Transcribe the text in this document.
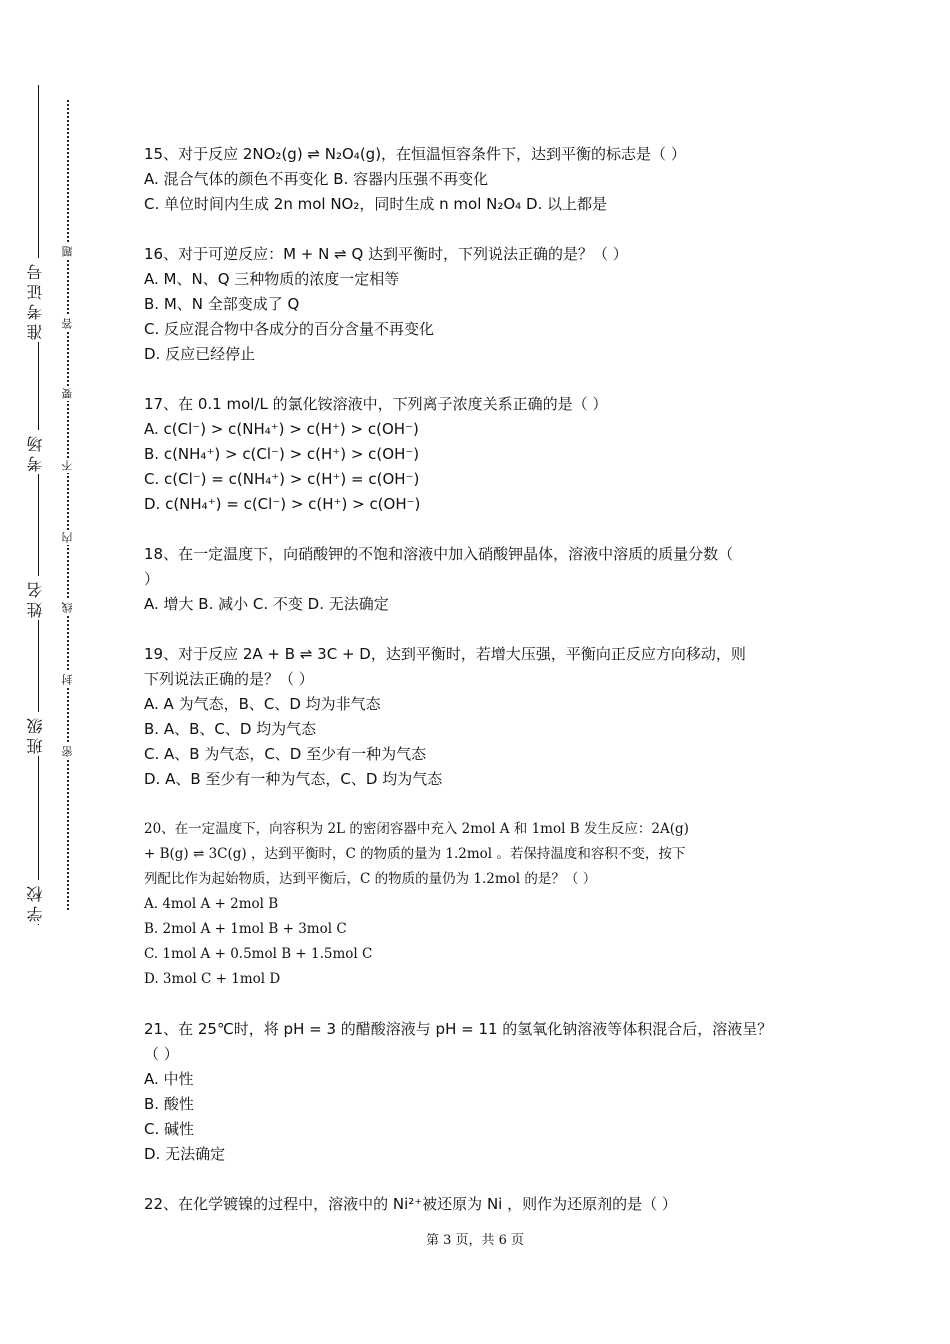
准考证号
考场
姓名
班级
学校
题
答
要
不
内
线
封
密
15、对于反应 2NO₂(g) ⇌ N₂O₄(g)，在恒温恒容条件下，达到平衡的标志是（ ）
A. 混合气体的颜色不再变化 B. 容器内压强不再变化
C. 单位时间内生成 2n mol NO₂，同时生成 n mol N₂O₄ D. 以上都是
16、对于可逆反应：M + N ⇌ Q 达到平衡时，下列说法正确的是？（ ）
A. M、N、Q 三种物质的浓度一定相等
B. M、N 全部变成了 Q
C. 反应混合物中各成分的百分含量不再变化
D. 反应已经停止
17、在 0.1 mol/L 的氯化铵溶液中，下列离子浓度关系正确的是（ ）
A. c(Cl⁻) > c(NH₄⁺) > c(H⁺) > c(OH⁻)
B. c(NH₄⁺) > c(Cl⁻) > c(H⁺) > c(OH⁻)
C. c(Cl⁻) = c(NH₄⁺) > c(H⁺) = c(OH⁻)
D. c(NH₄⁺) = c(Cl⁻) > c(H⁺) > c(OH⁻)
18、在一定温度下，向硝酸钾的不饱和溶液中加入硝酸钾晶体，溶液中溶质的质量分数（
）
A. 增大 B. 减小 C. 不变 D. 无法确定
19、对于反应 2A + B ⇌ 3C + D，达到平衡时，若增大压强，平衡向正反应方向移动，则
下列说法正确的是？（ ）
A. A 为气态，B、C、D 均为非气态
B. A、B、C、D 均为气态
C. A、B 为气态，C、D 至少有一种为气态
D. A、B 至少有一种为气态，C、D 均为气态
20、在一定温度下，向容积为 2L 的密闭容器中充入 2mol A 和 1mol B 发生反应：2A(g)
+ B(g) ⇌ 3C(g) ，达到平衡时，C 的物质的量为 1.2mol 。若保持温度和容积不变，按下
列配比作为起始物质，达到平衡后，C 的物质的量仍为 1.2mol 的是？（ ）
A. 4mol A + 2mol B
B. 2mol A + 1mol B + 3mol C
C. 1mol A + 0.5mol B + 1.5mol C
D. 3mol C + 1mol D
21、在 25℃时，将 pH = 3 的醋酸溶液与 pH = 11 的氢氧化钠溶液等体积混合后，溶液呈？
（ ）
A. 中性
B. 酸性
C. 碱性
D. 无法确定
22、在化学镀镍的过程中，溶液中的 Ni²⁺被还原为 Ni ，则作为还原剂的是（ ）
第 3 页，共 6 页
